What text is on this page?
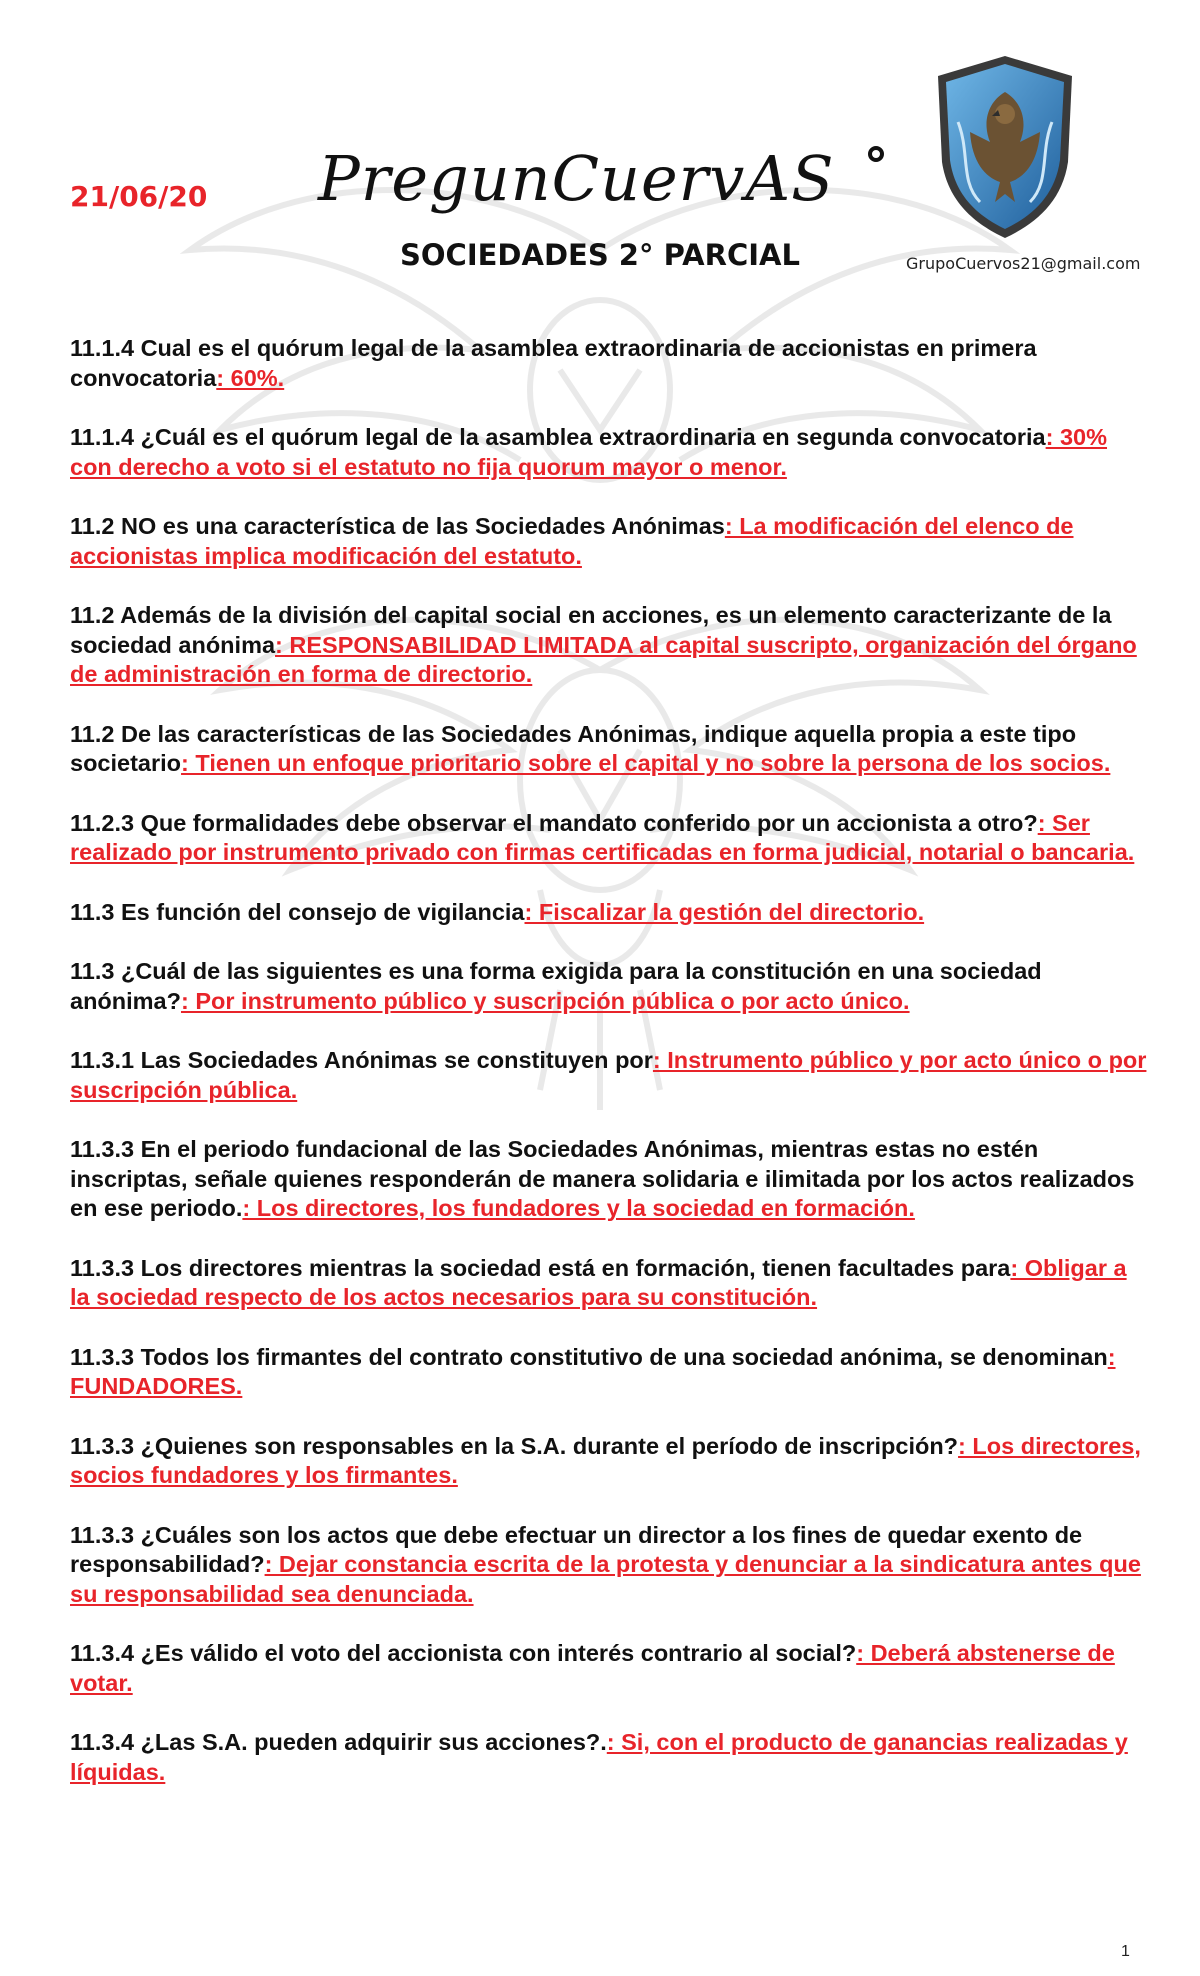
21/06/20 PregunCuervAS
SOCIEDADES 2° PARCIAL	GrupoCuervos21@gmail.com

11.1.4 Cual es el quórum legal de la asamblea extraordinaria de accionistas en primera convocatoria: 60%.

11.1.4 ¿Cuál es el quórum legal de la asamblea extraordinaria en segunda convocatoria: 30% con derecho a voto si el estatuto no fija quorum mayor o menor.

11.2 NO es una característica de las Sociedades Anónimas: La modificación del elenco de accionistas implica modificación del estatuto.

11.2 Además de la división del capital social en acciones, es un elemento caracterizante de la sociedad anónima: RESPONSABILIDAD LIMITADA al capital suscripto, organización del órgano de administración en forma de directorio.

11.2 De las características de las Sociedades Anónimas, indique aquella propia a este tipo societario: Tienen un enfoque prioritario sobre el capital y no sobre la persona de los socios.

11.2.3 Que formalidades debe observar el mandato conferido por un accionista a otro?: Ser realizado por instrumento privado con firmas certificadas en forma judicial, notarial o bancaria.

11.3 Es función del consejo de vigilancia: Fiscalizar la gestión del directorio.

11.3 ¿Cuál de las siguientes es una forma exigida para la constitución en una sociedad anónima?: Por instrumento público y suscripción pública o por acto único.

11.3.1 Las Sociedades Anónimas se constituyen por: Instrumento público y por acto único o por suscripción pública.

11.3.3 En el periodo fundacional de las Sociedades Anónimas, mientras estas no estén inscriptas, señale quienes responderán de manera solidaria e ilimitada por los actos realizados en ese periodo.: Los directores, los fundadores y la sociedad en formación.

11.3.3 Los directores mientras la sociedad está en formación, tienen facultades para: Obligar a la sociedad respecto de los actos necesarios para su constitución.

11.3.3 Todos los firmantes del contrato constitutivo de una sociedad anónima, se denominan: FUNDADORES.

11.3.3 ¿Quienes son responsables en la S.A. durante el período de inscripción?: Los directores, socios fundadores y los firmantes.

11.3.3 ¿Cuáles son los actos que debe efectuar un director a los fines de quedar exento de responsabilidad?: Dejar constancia escrita de la protesta y denunciar a la sindicatura antes que su responsabilidad sea denunciada.

11.3.4 ¿Es válido el voto del accionista con interés contrario al social?: Deberá abstenerse de votar.

11.3.4 ¿Las S.A. pueden adquirir sus acciones?.: Si, con el producto de ganancias realizadas y líquidas.

1
